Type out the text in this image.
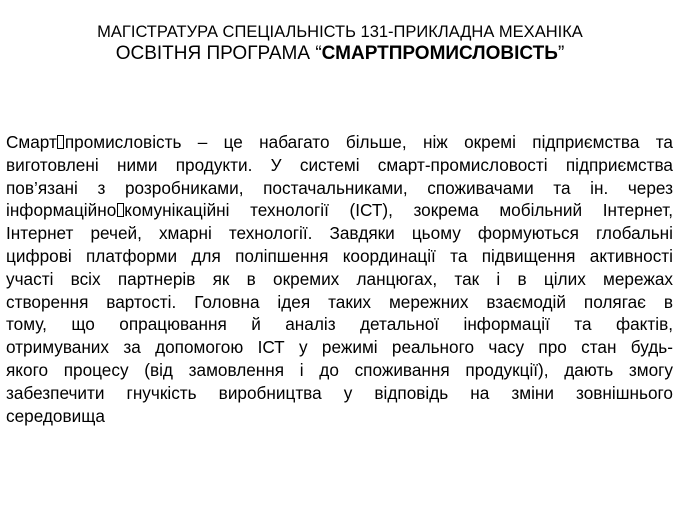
МАГІСТРАТУРА СПЕЦІАЛЬНІСТЬ 131-ПРИКЛАДНА МЕХАНІКА
ОСВІТНЯ ПРОГРАМА “СМАРТПРОМИСЛОВІСТЬ”
Смарт промисловість – це набагато більше, ніж окремі підприємства та
виготовлені ними продукти. У системі смарт-промисловості підприємства
пов’язані з розробниками, постачальниками, споживачами та ін. через
інформаційно комунікаційні технології (ІСТ), зокрема мобільний Інтернет,
Інтернет речей, хмарні технології. Завдяки цьому формуються глобальні
цифрові платформи для поліпшення координації та підвищення активності
участі всіх партнерів як в окремих ланцюгах, так і в цілих мережах
створення вартості. Головна ідея таких мережних взаємодій полягає в
тому, що опрацювання й аналіз детальної інформації та фактів,
отримуваних за допомогою ІСТ у режимі реального часу про стан будь-
якого процесу (від замовлення і до споживання продукції), дають змогу
забезпечити гнучкість виробництва у відповідь на зміни зовнішнього
середовища
